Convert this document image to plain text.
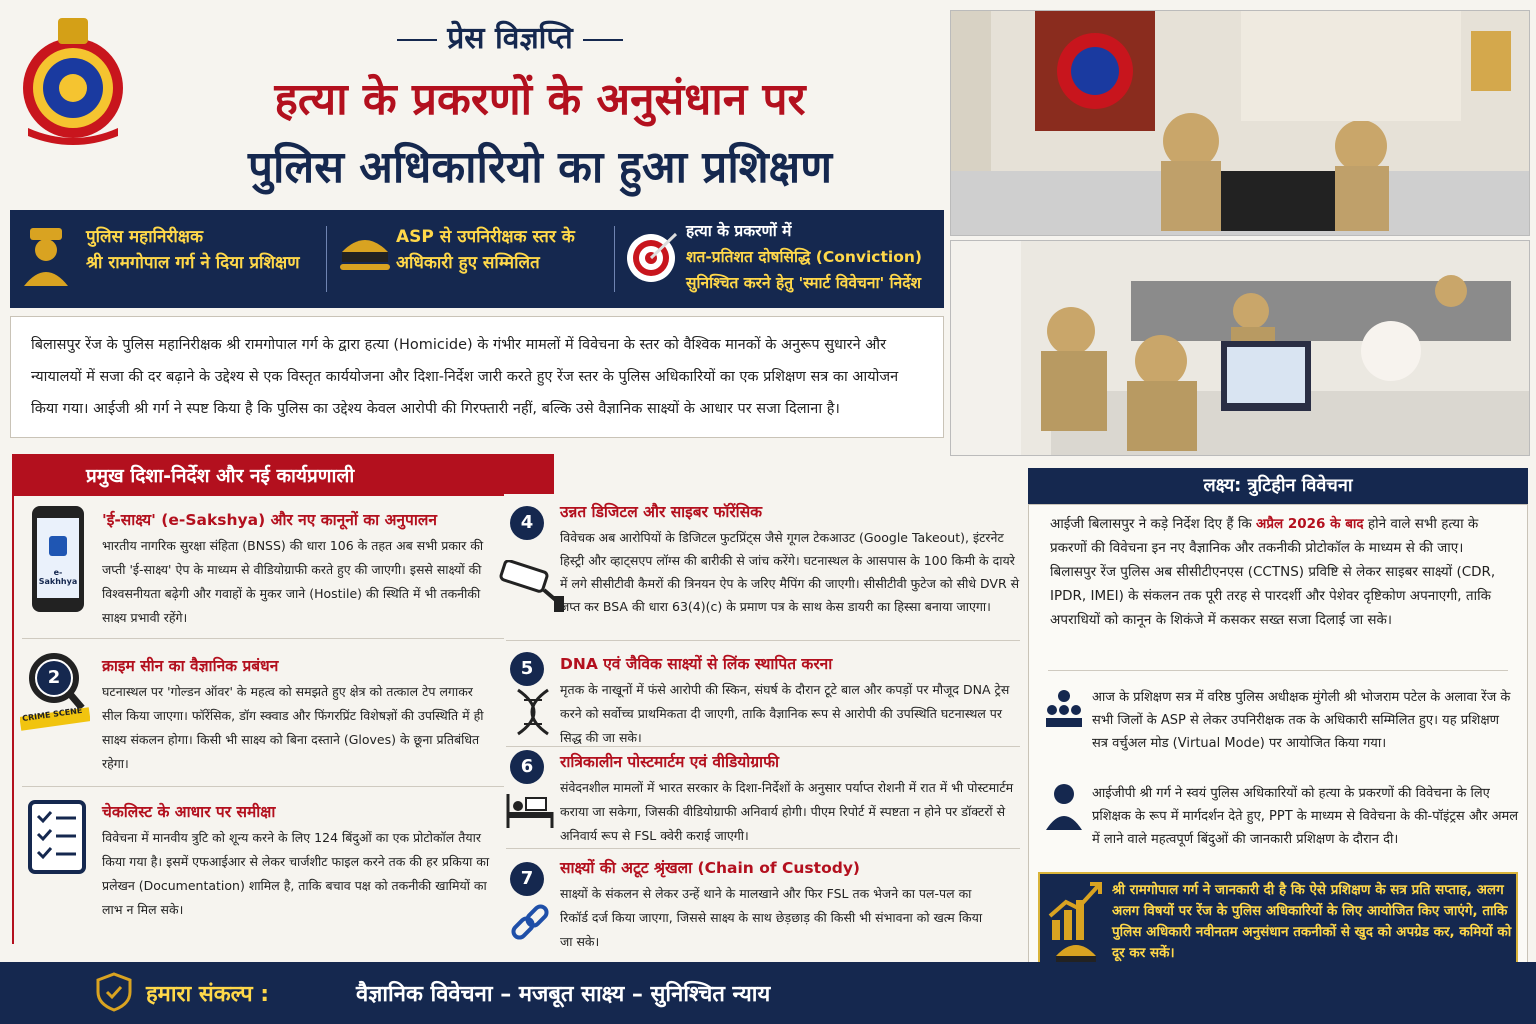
प्रेस विज्ञप्ति
हत्या के प्रकरणों के अनुसंधान पर
पुलिस अधिकारियो का हुआ प्रशिक्षण
पुलिस महानिरीक्षक
श्री रामगोपाल गर्ग ने दिया प्रशिक्षण
ASP से उपनिरीक्षक स्तर के
अधिकारी हुए सम्मिलित
हत्या के प्रकरणों में
शत-प्रतिशत दोषसिद्धि (Conviction)
सुनिश्चित करने हेतु 'स्मार्ट विवेचना' निर्देश
बिलासपुर रेंज के पुलिस महानिरीक्षक श्री रामगोपाल गर्ग के द्वारा हत्या (Homicide) के गंभीर मामलों में विवेचना के स्तर को वैश्विक मानकों के अनुरूप सुधारने और न्यायालयों में सजा की दर बढ़ाने के उद्देश्य से एक विस्तृत कार्ययोजना और दिशा-निर्देश जारी करते हुए रेंज स्तर के पुलिस अधिकारियों का एक प्रशिक्षण सत्र का आयोजन किया गया। आईजी श्री गर्ग ने स्पष्ट किया है कि पुलिस का उद्देश्य केवल आरोपी की गिरफ्तारी नहीं, बल्कि उसे वैज्ञानिक साक्ष्यों के आधार पर सजा दिलाना है।
प्रमुख दिशा-निर्देश और नई कार्यप्रणाली
e-Sakhhya
'ई-साक्ष्य' (e-Sakshya) और नए कानूनों का अनुपालन
भारतीय नागरिक सुरक्षा संहिता (BNSS) की धारा 106 के तहत अब सभी प्रकार की जप्ती 'ई-साक्ष्य' ऐप के माध्यम से वीडियोग्राफी करते हुए की जाएगी। इससे साक्ष्यों की विश्वसनीयता बढ़ेगी और गवाहों के मुकर जाने (Hostile) की स्थिति में भी तकनीकी साक्ष्य प्रभावी रहेंगे।
2
CRIME SCENE
क्राइम सीन का वैज्ञानिक प्रबंधन
घटनास्थल पर 'गोल्डन ऑवर' के महत्व को समझते हुए क्षेत्र को तत्काल टेप लगाकर सील किया जाएगा। फॉरेंसिक, डॉग स्क्वाड और फिंगरप्रिंट विशेषज्ञों की उपस्थिति में ही साक्ष्य संकलन होगा। किसी भी साक्ष्य को बिना दस्ताने (Gloves) के छूना प्रतिबंधित रहेगा।
चेकलिस्ट के आधार पर समीक्षा
विवेचना में मानवीय त्रुटि को शून्य करने के लिए 124 बिंदुओं का एक प्रोटोकॉल तैयार किया गया है। इसमें एफआईआर से लेकर चार्जशीट फाइल करने तक की हर प्रकिया का प्रलेखन (Documentation) शामिल है, ताकि बचाव पक्ष को तकनीकी खामियों का लाभ न मिल सके।
4	उन्नत डिजिटल और साइबर फॉरेंसिक
विवेचक अब आरोपियों के डिजिटल फुटप्रिंट्स जैसे गूगल टेकआउट (Google Takeout), इंटरनेट हिस्ट्री और व्हाट्सएप लॉग्स की बारीकी से जांच करेंगे। घटनास्थल के आसपास के 100 किमी के दायरे में लगे सीसीटीवी कैमरों की त्रिनयन ऐप के जरिए मैपिंग की जाएगी। सीसीटीवी फुटेज को सीधे DVR से जप्त कर BSA की धारा 63(4)(c) के प्रमाण पत्र के साथ केस डायरी का हिस्सा बनाया जाएगा।
5	DNA एवं जैविक साक्ष्यों से लिंक स्थापित करना
मृतक के नाखूनों में फंसे आरोपी की स्किन, संघर्ष के दौरान टूटे बाल और कपड़ों पर मौजूद DNA ट्रेस करने को सर्वोच्च प्राथमिकता दी जाएगी, ताकि वैज्ञानिक रूप से आरोपी की उपस्थिति घटनास्थल पर सिद्ध की जा सके।
6	रात्रिकालीन पोस्टमार्टम एवं वीडियोग्राफी
संवेदनशील मामलों में भारत सरकार के दिशा-निर्देशों के अनुसार पर्याप्त रोशनी में रात में भी पोस्टमार्टम कराया जा सकेगा, जिसकी वीडियोग्राफी अनिवार्य होगी। पीएम रिपोर्ट में स्पष्टता न होने पर डॉक्टरों से अनिवार्य रूप से FSL क्वेरी कराई जाएगी।
7	साक्ष्यों की अटूट श्रृंखला (Chain of Custody)
साक्ष्यों के संकलन से लेकर उन्हें थाने के मालखाने और फिर FSL तक भेजने का पल-पल का रिकॉर्ड दर्ज किया जाएगा, जिससे साक्ष्य के साथ छेड़छाड़ की किसी भी संभावना को खत्म किया जा सके।
लक्ष्य: त्रुटिहीन विवेचना
आईजी बिलासपुर ने कड़े निर्देश दिए हैं कि अप्रैल 2026 के बाद होने वाले सभी हत्या के प्रकरणों की विवेचना इन नए वैज्ञानिक और तकनीकी प्रोटोकॉल के माध्यम से की जाए। बिलासपुर रेंज पुलिस अब सीसीटीएनएस (CCTNS) प्रविष्टि से लेकर साइबर साक्ष्यों (CDR, IPDR, IMEI) के संकलन तक पूरी तरह से पारदर्शी और पेशेवर दृष्टिकोण अपनाएगी, ताकि अपराधियों को कानून के शिकंजे में कसकर सख्त सजा दिलाई जा सके।
आज के प्रशिक्षण सत्र में वरिष्ठ पुलिस अधीक्षक मुंगेली श्री भोजराम पटेल के अलावा रेंज के सभी जिलों के ASP से लेकर उपनिरीक्षक तक के अधिकारी सम्मिलित हुए। यह प्रशिक्षण सत्र वर्चुअल मोड (Virtual Mode) पर आयोजित किया गया।
आईजीपी श्री गर्ग ने स्वयं पुलिस अधिकारियों को हत्या के प्रकरणों की विवेचना के लिए प्रशिक्षक के रूप में मार्गदर्शन देते हुए, PPT के माध्यम से विवेचना के की-पॉइंट्रस और अमल में लाने वाले महत्वपूर्ण बिंदुओं की जानकारी प्रशिक्षण के दौरान दी।
श्री रामगोपाल गर्ग ने जानकारी दी है कि ऐसे प्रशिक्षण के सत्र प्रति सप्ताह, अलग अलग विषयों पर रेंज के पुलिस अधिकारियों के लिए आयोजित किए जाएंगे, ताकि पुलिस अधिकारी नवीनतम अनुसंधान तकनीकों से खुद को अपग्रेड कर, कमियों को दूर कर सकें।
हमारा संकल्प :	वैज्ञानिक विवेचना – मजबूत साक्ष्य – सुनिश्चित न्याय
